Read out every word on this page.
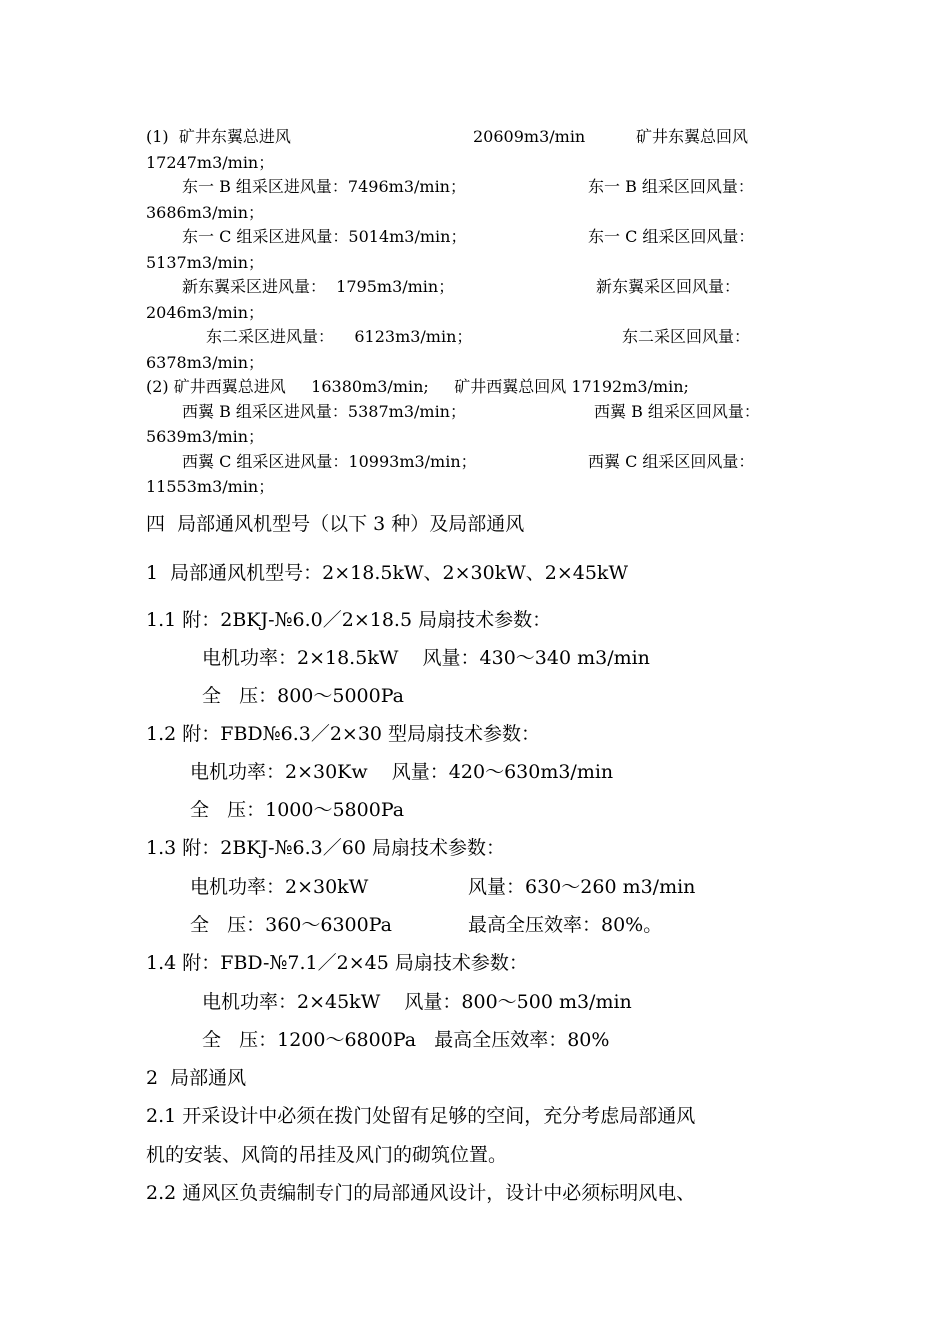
(1)  矿井东翼总进风	20609m3/min	矿井东翼总回风
17247m3/min；
东一 B 组采区进风量：7496m3/min；	东一 B 组采区回风量：
3686m3/min；
东一 C 组采区进风量：5014m3/min；	东一 C 组采区回风量：
5137m3/min；
新东翼采区进风量：  1795m3/min；	新东翼采区回风量：
2046m3/min；
东二采区进风量：    6123m3/min；	东二采区回风量：
6378m3/min；
(2) 矿井西翼总进风     16380m3/min;     矿井西翼总回风 17192m3/min;
西翼 B 组采区进风量：5387m3/min；	西翼 B 组采区回风量：
5639m3/min；
西翼 C 组采区进风量：10993m3/min；	西翼 C 组采区回风量：
11553m3/min；
四  局部通风机型号（以下 3 种）及局部通风
1  局部通风机型号：2×18.5kW、2×30kW、2×45kW
1.1 附：2BKJ-№6.0／2×18.5 局扇技术参数：
电机功率：2×18.5kW    风量：430～340 m3/min
全   压：800～5000Pa
1.2 附：FBD№6.3／2×30 型局扇技术参数：
电机功率：2×30Kw    风量：420～630m3/min
全   压：1000～5800Pa
1.3 附：2BKJ-№6.3／60 局扇技术参数：
电机功率：2×30kW	风量：630～260 m3/min
全   压：360～6300Pa	最高全压效率：80%。
1.4 附：FBD-№7.1／2×45 局扇技术参数：
电机功率：2×45kW    风量：800～500 m3/min
全   压：1200～6800Pa   最高全压效率：80%
2  局部通风
2.1 开采设计中必须在拨门处留有足够的空间，充分考虑局部通风
机的安装、风筒的吊挂及风门的砌筑位置。
2.2 通风区负责编制专门的局部通风设计，设计中必须标明风电、
